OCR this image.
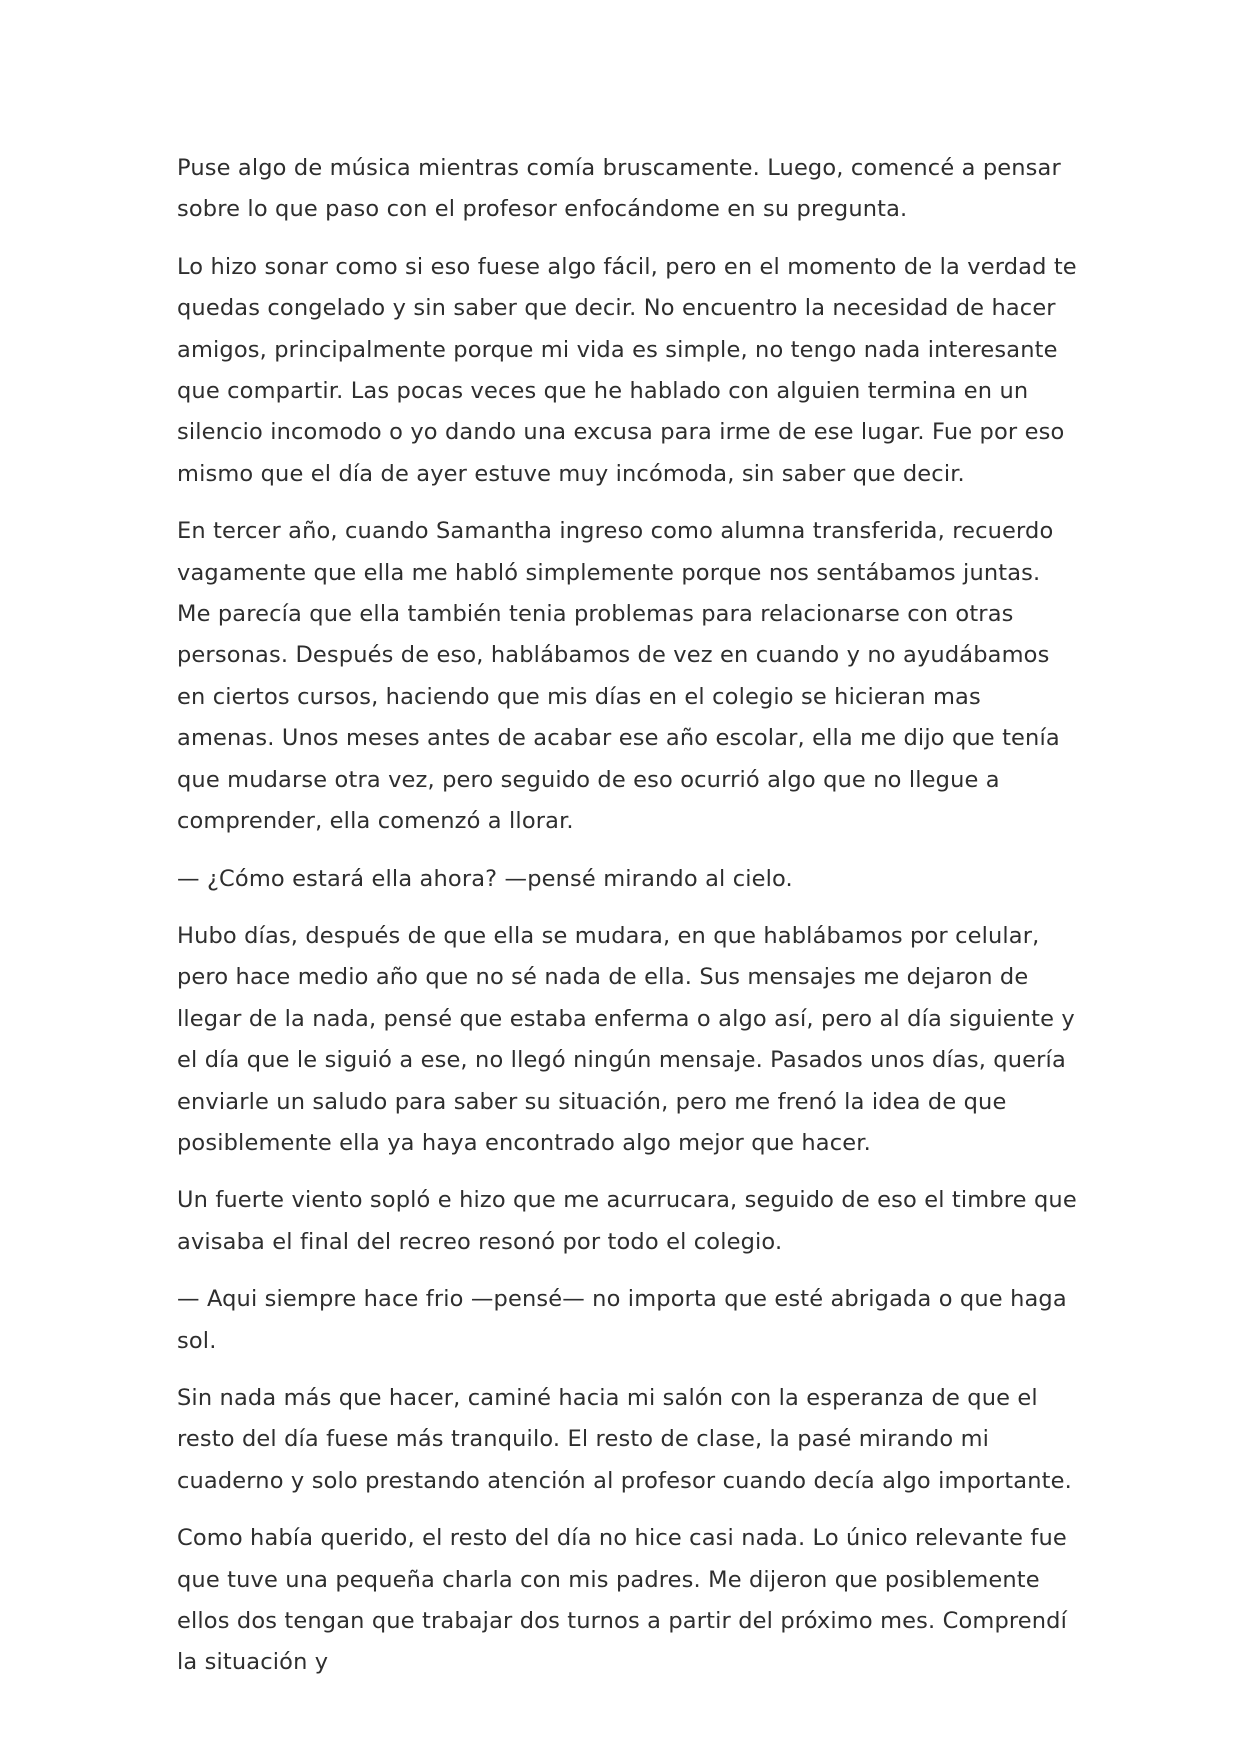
Puse algo de música mientras comía bruscamente. Luego, comencé a pensar sobre lo que paso con el profesor enfocándome en su pregunta.

Lo hizo sonar como si eso fuese algo fácil, pero en el momento de la verdad te quedas congelado y sin saber que decir. No encuentro la necesidad de hacer amigos, principalmente porque mi vida es simple, no tengo nada interesante que compartir. Las pocas veces que he hablado con alguien termina en un silencio incomodo o yo dando una excusa para irme de ese lugar. Fue por eso mismo que el día de ayer estuve muy incómoda, sin saber que decir.

En tercer año, cuando Samantha ingreso como alumna transferida, recuerdo vagamente que ella me habló simplemente porque nos sentábamos juntas. Me parecía que ella también tenia problemas para relacionarse con otras personas. Después de eso, hablábamos de vez en cuando y no ayudábamos en ciertos cursos, haciendo que mis días en el colegio se hicieran mas amenas. Unos meses antes de acabar ese año escolar, ella me dijo que tenía que mudarse otra vez, pero seguido de eso ocurrió algo que no llegue a comprender, ella comenzó a llorar.

— ¿Cómo estará ella ahora? —pensé mirando al cielo.

Hubo días, después de que ella se mudara, en que hablábamos por celular, pero hace medio año que no sé nada de ella. Sus mensajes me dejaron de llegar de la nada, pensé que estaba enferma o algo así, pero al día siguiente y el día que le siguió a ese, no llegó ningún mensaje. Pasados unos días, quería enviarle un saludo para saber su situación, pero me frenó la idea de que posiblemente ella ya haya encontrado algo mejor que hacer.

Un fuerte viento sopló e hizo que me acurrucara, seguido de eso el timbre que avisaba el final del recreo resonó por todo el colegio.

— Aqui siempre hace frio —pensé— no importa que esté abrigada o que haga sol.

Sin nada más que hacer, caminé hacia mi salón con la esperanza de que el resto del día fuese más tranquilo. El resto de clase, la pasé mirando mi cuaderno y solo prestando atención al profesor cuando decía algo importante.

Como había querido, el resto del día no hice casi nada. Lo único relevante fue que tuve una pequeña charla con mis padres. Me dijeron que posiblemente ellos dos tengan que trabajar dos turnos a partir del próximo mes. Comprendí la situación y
